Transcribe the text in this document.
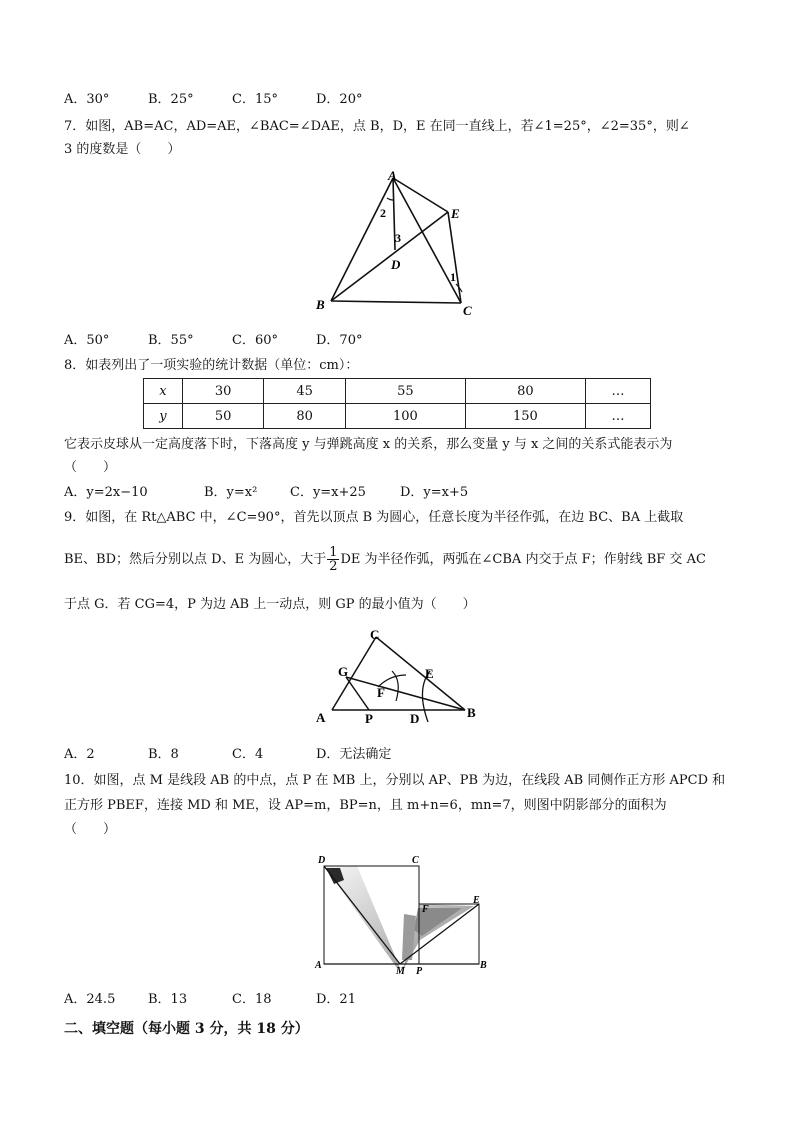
A．30°	B．25°	C．15°	D．20°
7．如图，AB=AC，AD=AE，∠BAC=∠DAE，点 B，D，E 在同一直线上，若∠1=25°，∠2=35°，则∠
3 的度数是（　　）
A
B	C
D
E
1
2
3
A．50°	B．55°	C．60°	D．70°
8．如表列出了一项实验的统计数据（单位：cm）：
x	30	45	55	80	…
y	50	80	100	150	…
它表示皮球从一定高度落下时，下落高度 y 与弹跳高度 x 的关系，那么变量 y 与 x 之间的关系式能表示为
（　　）
A．y=2x−10	B．y=x²	C．y=x+25	D．y=x+5
9．如图，在 Rt△ABC 中，∠C=90°，首先以顶点 B 为圆心，任意长度为半径作弧，在边 BC、BA 上截取
BE、BD；然后分别以点 D、E 为圆心，大于 $\frac{1}{2}$ DE 为半径作弧，两弧在∠CBA 内交于点 F；作射线 BF 交 AC
于点 G．若 CG=4，P 为边 AB 上一动点，则 GP 的最小值为（　　）
A	B
C
D
E
F
G
P
A．2	B．8	C．4	D．无法确定
10．如图，点 M 是线段 AB 的中点，点 P 在 MB 上，分别以 AP、PB 为边，在线段 AB 同侧作正方形 APCD 和
正方形 PBEF，连接 MD 和 ME，设 AP=m，BP=n，且 m+n=6，mn=7，则图中阴影部分的面积为
（　　）
D	C
F
E
A
M P
B
A．24.5	B．13	C．18	D．21
二、填空题（每小题 3 分，共 18 分）
